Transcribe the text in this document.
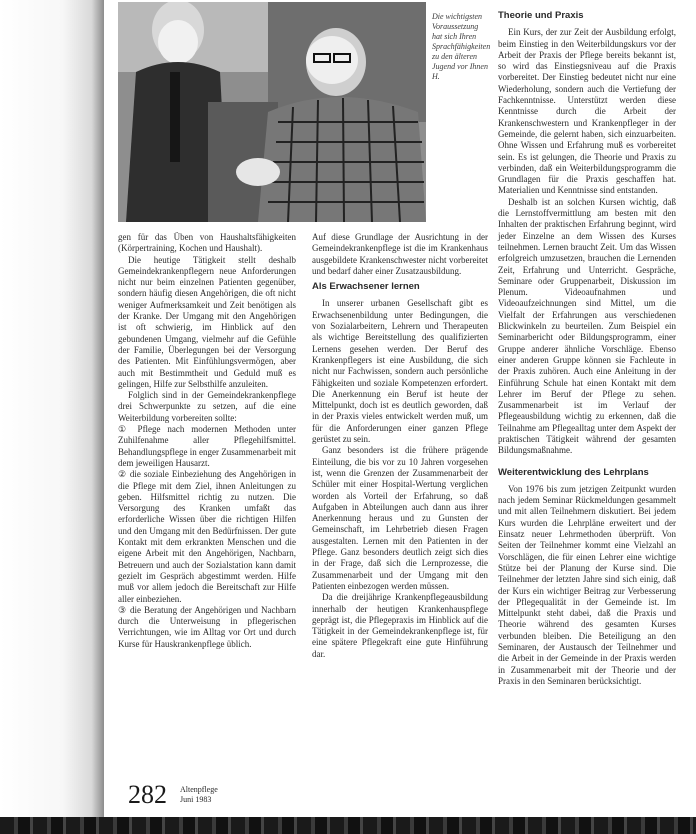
Die wichtigsten Voraussetzung hat sich Ihren Sprachfähigkeiten zu den älteren Jugend vor Ihnen H.

gen für das Üben von Haushaltsfähigkeiten (Körpertraining, Kochen und Haushalt).

Die heutige Tätigkeit stellt deshalb Gemeindekrankenpflegern neue Anforderungen nicht nur beim einzelnen Patienten gegenüber, sondern häufig diesen Angehörigen, die oft nicht weniger Aufmerksamkeit und Zeit benötigen als der Kranke. Der Umgang mit den Angehörigen ist oft schwierig, im Hinblick auf den gebundenen Umgang, vielmehr auf die Gefühle der Familie, Überlegungen bei der Versorgung des Patienten. Mit Einfühlungsvermögen, aber auch mit Bestimmtheit und Geduld muß es gelingen, Hilfe zur Selbsthilfe anzuleiten.

Folglich sind in der Gemeindekrankenpflege drei Schwerpunkte zu setzen, auf die eine Weiterbildung vorbereiten sollte:

① Pflege nach modernen Methoden unter Zuhilfenahme aller Pflegehilfsmittel. Behandlungspflege in enger Zusammenarbeit mit dem jeweiligen Hausarzt.

② die soziale Einbeziehung des Angehörigen in die Pflege mit dem Ziel, ihnen Anleitungen zu geben. Hilfsmittel richtig zu nutzen. Die Versorgung des Kranken umfaßt das erforderliche Wissen über die richtigen Hilfen und den Umgang mit den Bedürfnissen. Der gute Kontakt mit dem erkrankten Menschen und die eigene Arbeit mit den Angehörigen, Nachbarn, Betreuern und auch der Sozialstation kann damit gezielt im Gespräch abgestimmt werden. Hilfe muß vor allem jedoch die Bereitschaft zur Hilfe aller einbeziehen.

③ die Beratung der Angehörigen und Nachbarn durch die Unterweisung in pflegerischen Verrichtungen, wie im Alltag vor Ort und durch Kurse für Hauskrankenpflege üblich.

Auf diese Grundlage der Ausrichtung in der Gemeindekrankenpflege ist die im Krankenhaus ausgebildete Krankenschwester nicht vorbereitet und bedarf daher einer Zusatzausbildung.

Als Erwachsener lernen

In unserer urbanen Gesellschaft gibt es Erwachsenenbildung unter Bedingungen, die von Sozialarbeitern, Lehrern und Therapeuten als wichtige Bereitstellung des qualifizierten Lernens gesehen werden. Der Beruf des Krankenpflegers ist eine Ausbildung, die sich nicht nur Fachwissen, sondern auch persönliche Fähigkeiten und soziale Kompetenzen erfordert. Die Anerkennung ein Beruf ist heute der Mittelpunkt, doch ist es deutlich geworden, daß in der Praxis vieles entwickelt werden muß, um für die Anforderungen einer ganzen Pflege gerüstet zu sein.

Ganz besonders ist die frühere prägende Einteilung, die bis vor zu 10 Jahren vorgesehen ist, wenn die Grenzen der Zusammenarbeit der Schüler mit einer Hospital-Wertung verglichen worden als Vorteil der Erfahrung, so daß Aufgaben in Abteilungen auch dann aus ihrer Anerkennung heraus und zu Gunsten der Gemeinschaft, im Lehrbetrieb diesen Fragen ausgestalten. Lernen mit den Patienten in der Pflege. Ganz besonders deutlich zeigt sich dies in der Frage, daß sich die Lernprozesse, die Zusammenarbeit und der Umgang mit den Patienten einbezogen werden müssen.

Da die dreijährige Krankenpflegeausbildung innerhalb der heutigen Krankenhauspflege geprägt ist, die Pflegepraxis im Hinblick auf die Tätigkeit in der Gemeindekrankenpflege ist, für eine spätere Pflegekraft eine gute Hinführung dar.

Theorie und Praxis

Ein Kurs, der zur Zeit der Ausbildung erfolgt, beim Einstieg in den Weiterbildungskurs vor der Arbeit der Praxis der Pflege bereits bekannt ist, so wird das Einstiegsniveau auf die Praxis vorbereitet. Der Einstieg bedeutet nicht nur eine Wiederholung, sondern auch die Vertiefung der Fachkenntnisse. Unterstützt werden diese Kenntnisse durch die Arbeit der Krankenschwestern und Krankenpfleger in der Gemeinde, die gelernt haben, sich einzuarbeiten. Ohne Wissen und Erfahrung muß es vorbereitet sein. Es ist gelungen, die Theorie und Praxis zu verbinden, daß ein Weiterbildungsprogramm die Grundlagen für die Praxis geschaffen hat. Materialien und Kenntnisse sind entstanden.

Deshalb ist an solchen Kursen wichtig, daß die Lernstoffvermittlung am besten mit den Inhalten der praktischen Erfahrung beginnt, wird jeder Einzelne an dem Wissen des Kurses teilnehmen. Lernen braucht Zeit. Um das Wissen erfolgreich umzusetzen, brauchen die Lernenden Zeit, Erfahrung und Unterricht. Gespräche, Seminare oder Gruppenarbeit, Diskussion im Plenum. Videoaufnahmen und Videoaufzeichnungen sind Mittel, um die Vielfalt der Erfahrungen aus verschiedenen Blickwinkeln zu beurteilen. Zum Beispiel ein Seminarbericht oder Bildungsprogramm, einer Gruppe anderer ähnliche Vorschläge. Ebenso einer anderen Gruppe können sie Fachleute in der Praxis zuhören. Auch eine Anleitung in der Einführung Schule hat einen Kontakt mit dem Lehrer im Beruf der Pflege zu sehen. Zusammenarbeit ist im Verlauf der Pflegeausbildung wichtig zu erkennen, daß die Teilnahme am Pflegealltag unter dem Aspekt der praktischen Tätigkeit während der gesamten Bildungsmaßnahme.

Weiterentwicklung des Lehrplans

Von 1976 bis zum jetzigen Zeitpunkt wurden nach jedem Seminar Rückmeldungen gesammelt und mit allen Teilnehmern diskutiert. Bei jedem Kurs wurden die Lehrpläne erweitert und der Einsatz neuer Lehrmethoden überprüft. Von Seiten der Teilnehmer kommt eine Vielzahl an Vorschlägen, die für einen Lehrer eine wichtige Stütze bei der Planung der Kurse sind. Die Teilnehmer der letzten Jahre sind sich einig, daß der Kurs ein wichtiger Beitrag zur Verbesserung der Pflegequalität in der Gemeinde ist. Im Mittelpunkt steht dabei, daß die Praxis und Theorie während des gesamten Kurses verbunden bleiben. Die Beteiligung an den Seminaren, der Austausch der Teilnehmer und die Arbeit in der Gemeinde in der Praxis werden in Zusammenarbeit mit der Theorie und der Praxis in den Seminaren berücksichtigt.

282 Altenpflege
Juni 1983
